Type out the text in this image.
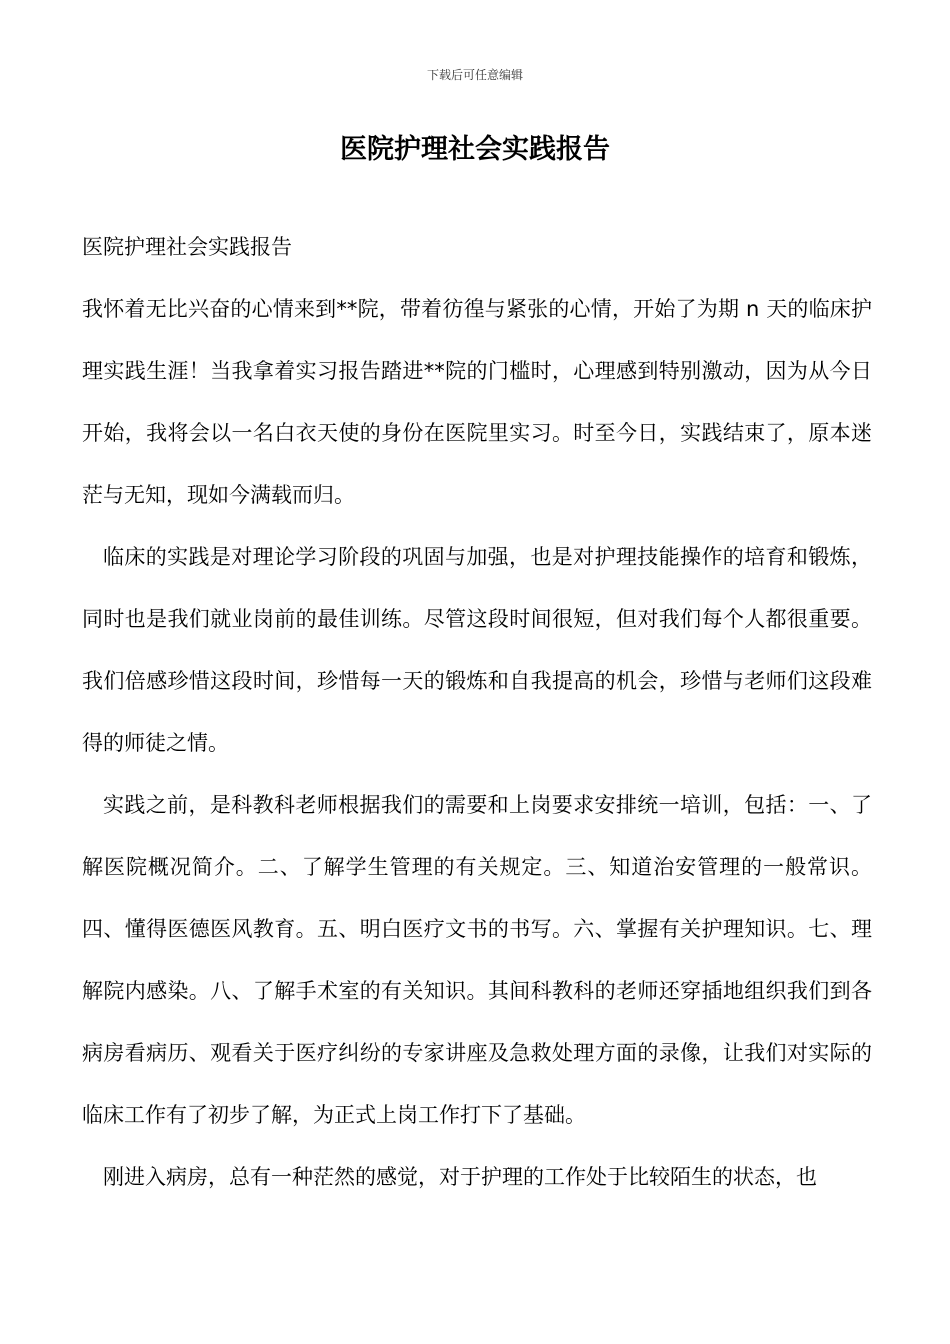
下载后可任意编辑
医院护理社会实践报告

医院护理社会实践报告

我怀着无比兴奋的心情来到**院，带着彷徨与紧张的心情，开始了为期 n 天的临床护理实践生涯！当我拿着实习报告踏进**院的门槛时，心理感到特别激动，因为从今日开始，我将会以一名白衣天使的身份在医院里实习。时至今日，实践结束了，原本迷茫与无知，现如今满载而归。

临床的实践是对理论学习阶段的巩固与加强，也是对护理技能操作的培育和锻炼，同时也是我们就业岗前的最佳训练。尽管这段时间很短，但对我们每个人都很重要。我们倍感珍惜这段时间，珍惜每一天的锻炼和自我提高的机会，珍惜与老师们这段难得的师徒之情。

实践之前，是科教科老师根据我们的需要和上岗要求安排统一培训，包括：一、了解医院概况简介。二、了解学生管理的有关规定。三、知道治安管理的一般常识。四、懂得医德医风教育。五、明白医疗文书的书写。六、掌握有关护理知识。七、理解院内感染。八、了解手术室的有关知识。其间科教科的老师还穿插地组织我们到各病房看病历、观看关于医疗纠纷的专家讲座及急救处理方面的录像，让我们对实际的临床工作有了初步了解，为正式上岗工作打下了基础。

刚进入病房，总有一种茫然的感觉，对于护理的工作处于比较陌生的状态，也
